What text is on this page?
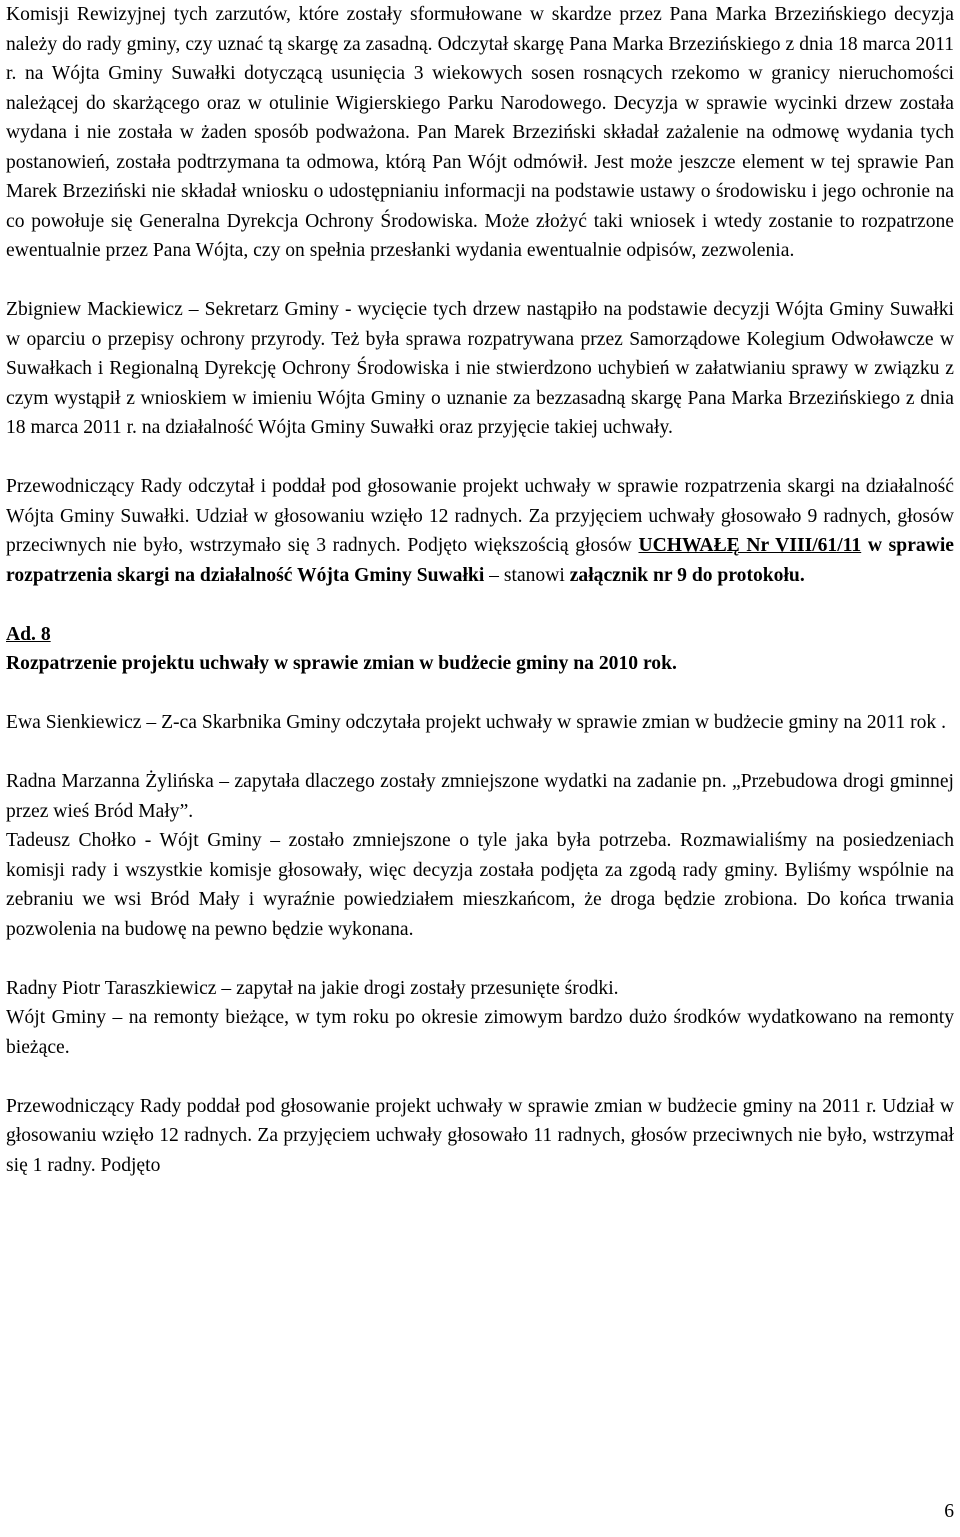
Komisji Rewizyjnej tych zarzutów, które zostały sformułowane w skardze przez Pana Marka Brzezińskiego decyzja należy do rady gminy, czy uznać tą skargę za zasadną. Odczytał skargę Pana Marka Brzezińskiego z dnia 18 marca 2011 r. na Wójta Gminy Suwałki dotyczącą usunięcia 3 wiekowych sosen rosnących rzekomo w granicy nieruchomości należącej do skarżącego oraz w otulinie Wigierskiego Parku Narodowego. Decyzja w sprawie wycinki drzew została wydana i nie została w żaden sposób podważona. Pan Marek Brzeziński składał zażalenie na odmowę wydania tych postanowień, została podtrzymana ta odmowa, którą Pan Wójt odmówił. Jest może jeszcze element w tej sprawie Pan Marek Brzeziński nie składał wniosku o udostępnianiu informacji na podstawie ustawy o środowisku i jego ochronie na co powołuje się Generalna Dyrekcja Ochrony Środowiska. Może złożyć taki wniosek i wtedy zostanie to rozpatrzone ewentualnie przez Pana Wójta, czy on spełnia przesłanki wydania ewentualnie odpisów, zezwolenia.

Zbigniew Mackiewicz – Sekretarz Gminy - wycięcie tych drzew nastąpiło na podstawie decyzji Wójta Gminy Suwałki w oparciu o przepisy ochrony przyrody. Też była sprawa rozpatrywana przez Samorządowe Kolegium Odwoławcze w Suwałkach i Regionalną Dyrekcję Ochrony Środowiska i nie stwierdzono uchybień w załatwianiu sprawy w związku z czym wystąpił z wnioskiem w imieniu Wójta Gminy o uznanie za bezzasadną skargę Pana Marka Brzezińskiego z dnia 18 marca 2011 r. na działalność Wójta Gminy Suwałki oraz przyjęcie takiej uchwały.

Przewodniczący Rady odczytał i poddał pod głosowanie projekt uchwały w sprawie rozpatrzenia skargi na działalność Wójta Gminy Suwałki. Udział w głosowaniu wzięło 12 radnych. Za przyjęciem uchwały głosowało 9 radnych, głosów przeciwnych nie było, wstrzymało się 3 radnych. Podjęto większością głosów UCHWAŁĘ Nr VIII/61/11 w sprawie rozpatrzenia skargi na działalność Wójta Gminy Suwałki – stanowi załącznik nr 9 do protokołu.

Ad. 8

Rozpatrzenie projektu uchwały w sprawie zmian w budżecie gminy na 2010 rok.

Ewa Sienkiewicz – Z-ca Skarbnika Gminy odczytała projekt uchwały w sprawie zmian w budżecie gminy na 2011 rok .

Radna Marzanna Żylińska – zapytała dlaczego zostały zmniejszone wydatki na zadanie pn. „Przebudowa drogi gminnej przez wieś Bród Mały”.

Tadeusz Chołko - Wójt Gminy – zostało zmniejszone o tyle jaka była potrzeba. Rozmawialiśmy na posiedzeniach komisji rady i wszystkie komisje głosowały, więc decyzja została podjęta za zgodą rady gminy. Byliśmy wspólnie na zebraniu we wsi Bród Mały i wyraźnie powiedziałem mieszkańcom, że droga będzie zrobiona. Do końca trwania pozwolenia na budowę na pewno będzie wykonana.

Radny Piotr Taraszkiewicz – zapytał na jakie drogi zostały przesunięte środki.

Wójt Gminy – na remonty bieżące, w tym roku po okresie zimowym bardzo dużo środków wydatkowano na remonty bieżące.

Przewodniczący Rady poddał pod głosowanie projekt uchwały w sprawie zmian w budżecie gminy na 2011 r. Udział w głosowaniu wzięło 12 radnych. Za przyjęciem uchwały głosowało 11 radnych, głosów przeciwnych nie było, wstrzymał się 1 radny. Podjęto

6
